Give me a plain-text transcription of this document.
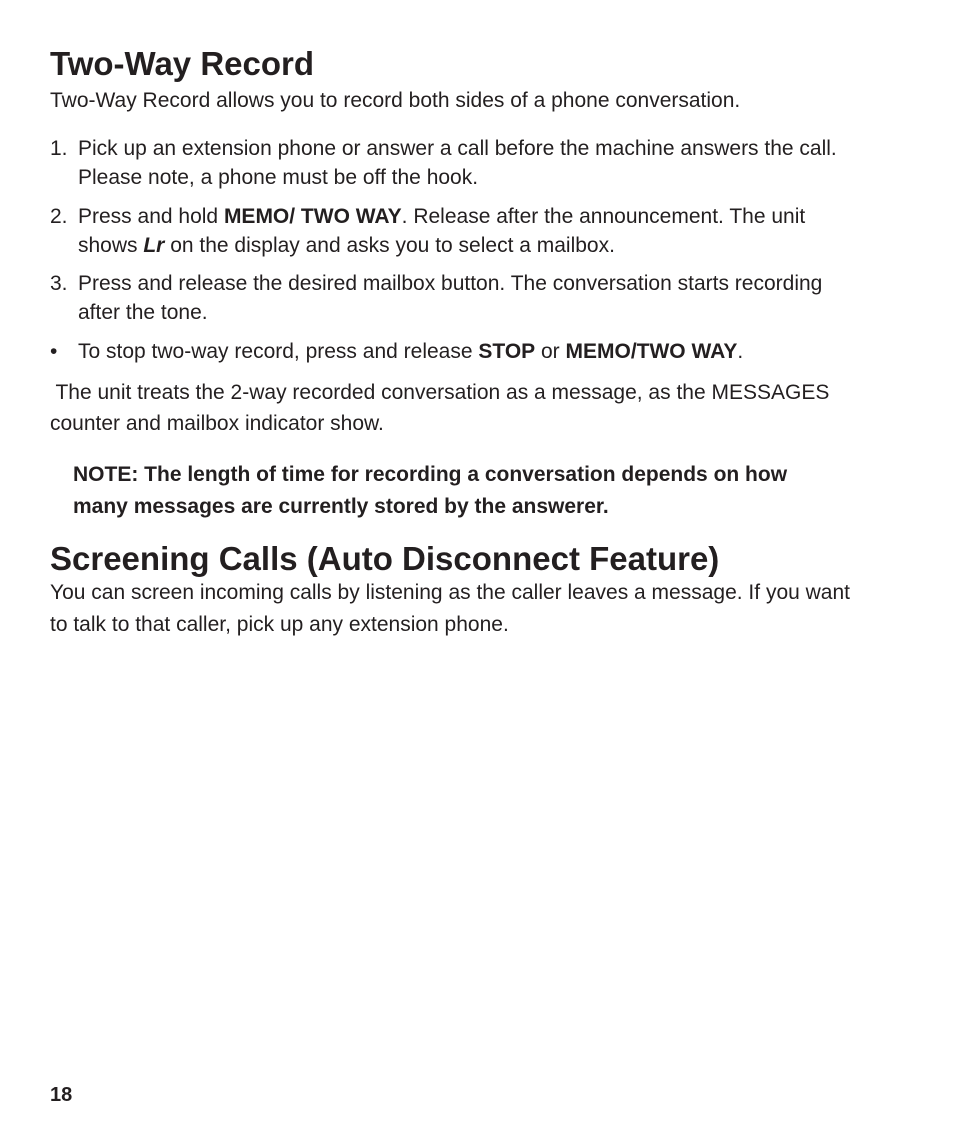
Two-Way Record

Two-Way Record allows you to record both sides of a phone conversation.

1. Pick up an extension phone or answer a call before the machine answers the call.
Please note, a phone must be off the hook.
2. Press and hold MEMO/ TWO WAY. Release after the announcement. The unit
shows Lr on the display and asks you to select a mailbox.
3. Press and release the desired mailbox button. The conversation starts recording
after the tone.
• To stop two-way record, press and release STOP or MEMO/TWO WAY.

The unit treats the 2-way recorded conversation as a message, as the MESSAGES

counter and mailbox indicator show.

NOTE: The length of time for recording a conversation depends on how

many messages are currently stored by the answerer.

Screening Calls (Auto Disconnect Feature)

You can screen incoming calls by listening as the caller leaves a message. If you want

to talk to that caller, pick up any extension phone.

18
